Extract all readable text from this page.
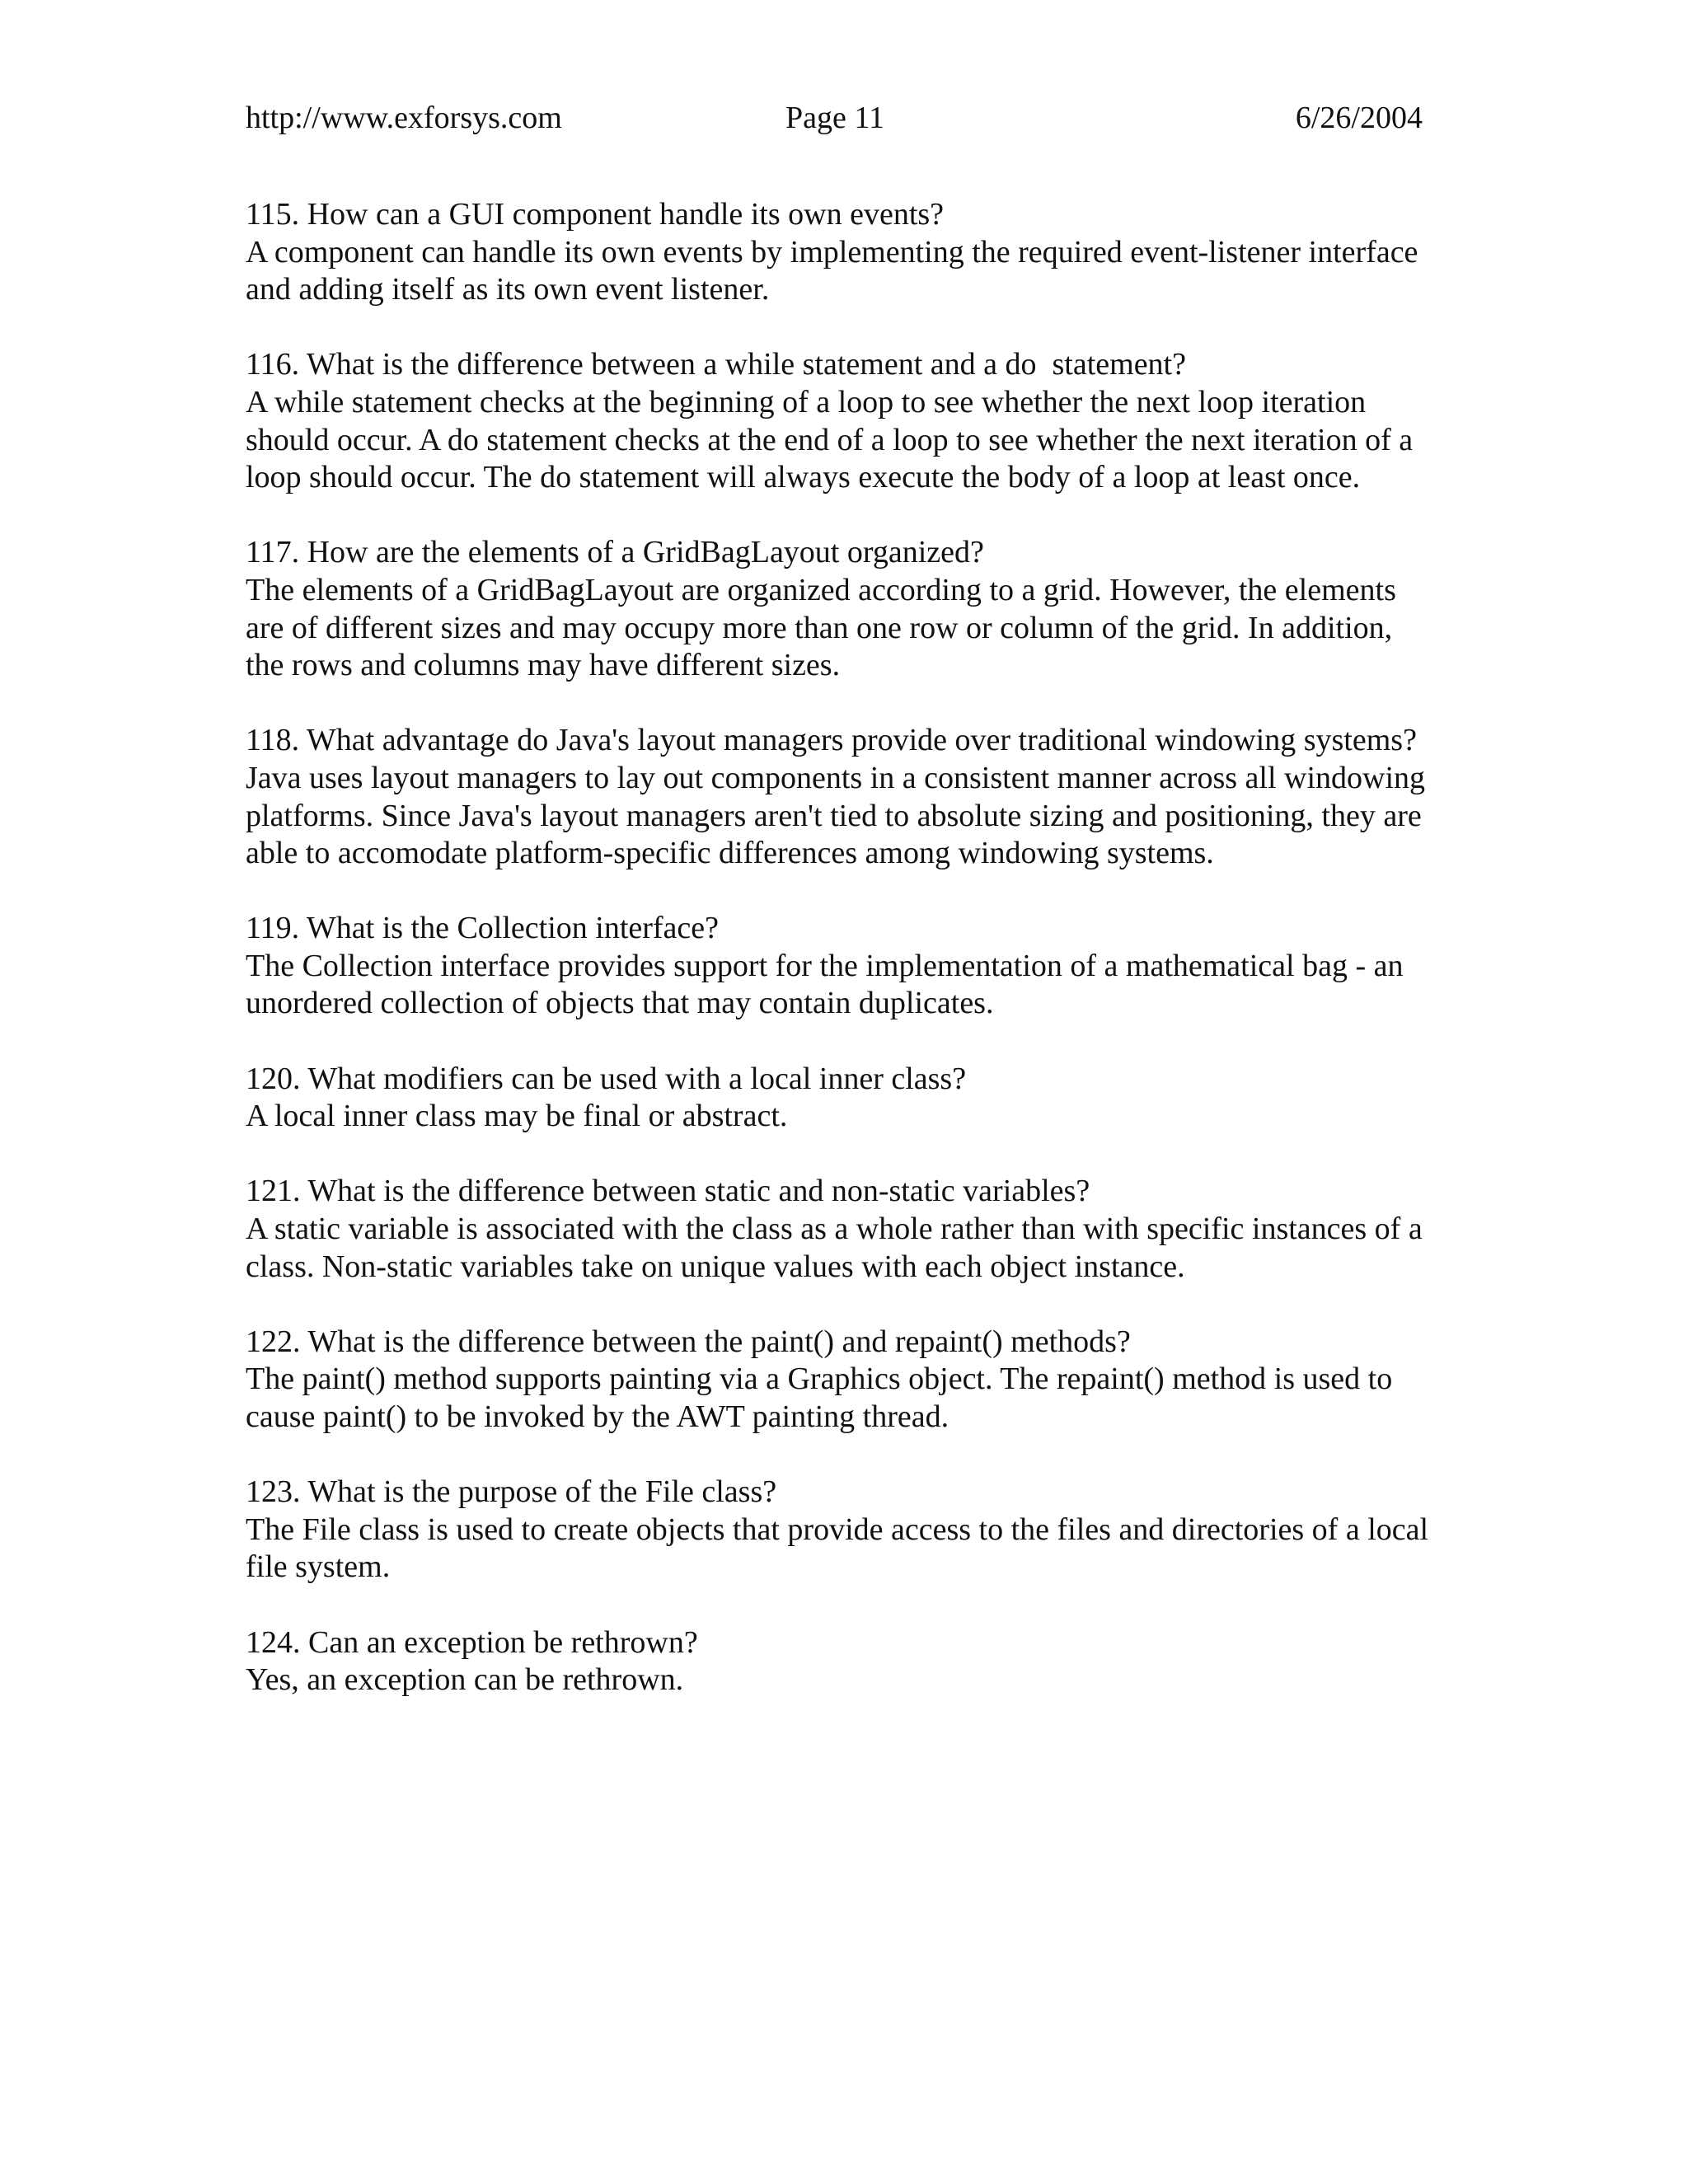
http://www.exforsys.com	Page 11	6/26/2004

115. How can a GUI component handle its own events?

A component can handle its own events by implementing the required event-listener interface and adding itself as its own event listener.

116. What is the difference between a while statement and a do  statement?

A while statement checks at the beginning of a loop to see whether the next loop iteration should occur. A do statement checks at the end of a loop to see whether the next iteration of a loop should occur. The do statement will always execute the body of a loop at least once.

117. How are the elements of a GridBagLayout organized?

The elements of a GridBagLayout are organized according to a grid. However, the elements are of different sizes and may occupy more than one row or column of the grid. In addition, the rows and columns may have different sizes.

118. What advantage do Java's layout managers provide over traditional windowing systems?

Java uses layout managers to lay out components in a consistent manner across all windowing platforms. Since Java's layout managers aren't tied to absolute sizing and positioning, they are able to accomodate platform-specific differences among windowing systems.

119. What is the Collection interface?

The Collection interface provides support for the implementation of a mathematical bag - an unordered collection of objects that may contain duplicates.

120. What modifiers can be used with a local inner class?

A local inner class may be final or abstract.

121. What is the difference between static and non-static variables?

A static variable is associated with the class as a whole rather than with specific instances of a class. Non-static variables take on unique values with each object instance.

122. What is the difference between the paint() and repaint() methods?

The paint() method supports painting via a Graphics object. The repaint() method is used to cause paint() to be invoked by the AWT painting thread.

123. What is the purpose of the File class?

The File class is used to create objects that provide access to the files and directories of a local file system.

124. Can an exception be rethrown?

Yes, an exception can be rethrown.
